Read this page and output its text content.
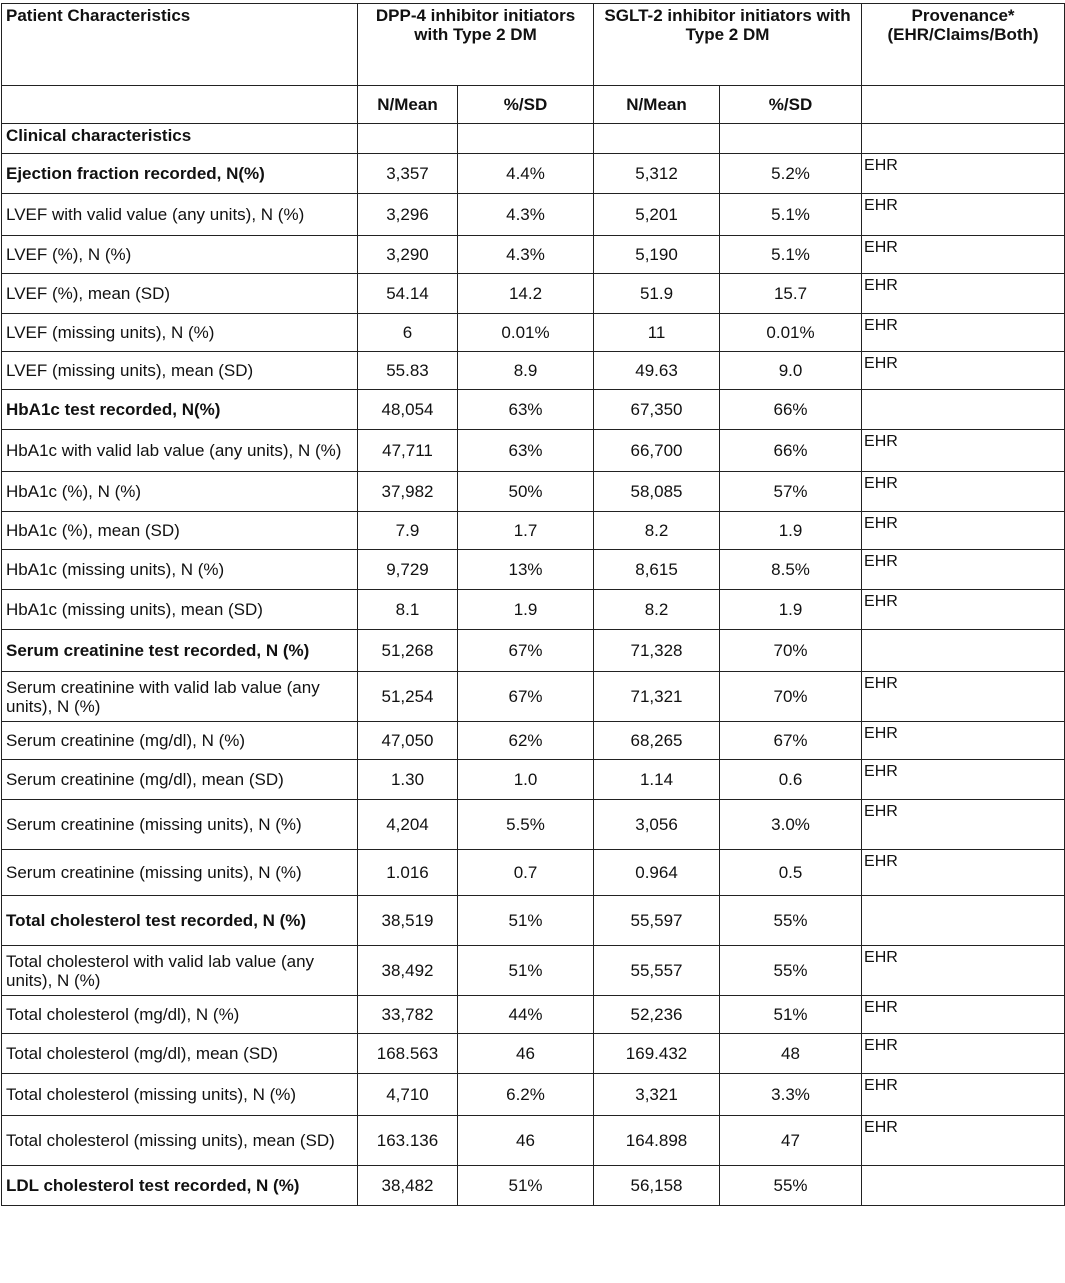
Patient Characteristics	DPP-4 inhibitor initiators with Type 2 DM		SGLT-2 inhibitor initiators with Type 2 DM		Provenance* (EHR/Claims/Both)
	N/Mean	%/SD	N/Mean	%/SD	
Clinical characteristics					
Ejection fraction recorded, N(%)	3,357	4.4%	5,312	5.2%	EHR
LVEF with valid value (any units), N (%)	3,296	4.3%	5,201	5.1%	EHR
LVEF (%), N (%)	3,290	4.3%	5,190	5.1%	EHR
LVEF (%), mean (SD)	54.14	14.2	51.9	15.7	EHR
LVEF (missing units), N (%)	6	0.01%	11	0.01%	EHR
LVEF (missing units), mean (SD)	55.83	8.9	49.63	9.0	EHR
HbA1c test recorded, N(%)	48,054	63%	67,350	66%	
HbA1c with valid lab value (any units), N (%)	47,711	63%	66,700	66%	EHR
HbA1c (%), N (%)	37,982	50%	58,085	57%	EHR
HbA1c (%), mean (SD)	7.9	1.7	8.2	1.9	EHR
HbA1c (missing units), N (%)	9,729	13%	8,615	8.5%	EHR
HbA1c (missing units), mean (SD)	8.1	1.9	8.2	1.9	EHR
Serum creatinine test recorded, N (%)	51,268	67%	71,328	70%	
Serum creatinine with valid lab value (any units), N (%)	51,254	67%	71,321	70%	EHR
Serum creatinine (mg/dl), N (%)	47,050	62%	68,265	67%	EHR
Serum creatinine (mg/dl), mean (SD)	1.30	1.0	1.14	0.6	EHR
Serum creatinine (missing units), N (%)	4,204	5.5%	3,056	3.0%	EHR
Serum creatinine (missing units), N (%)	1.016	0.7	0.964	0.5	EHR
Total cholesterol test recorded, N (%)	38,519	51%	55,597	55%	
Total cholesterol with valid lab value (any units), N (%)	38,492	51%	55,557	55%	EHR
Total cholesterol (mg/dl), N (%)	33,782	44%	52,236	51%	EHR
Total cholesterol (mg/dl), mean (SD)	168.563	46	169.432	48	EHR
Total cholesterol (missing units), N (%)	4,710	6.2%	3,321	3.3%	EHR
Total cholesterol (missing units), mean (SD)	163.136	46	164.898	47	EHR
LDL cholesterol test recorded, N (%)	38,482	51%	56,158	55%	
